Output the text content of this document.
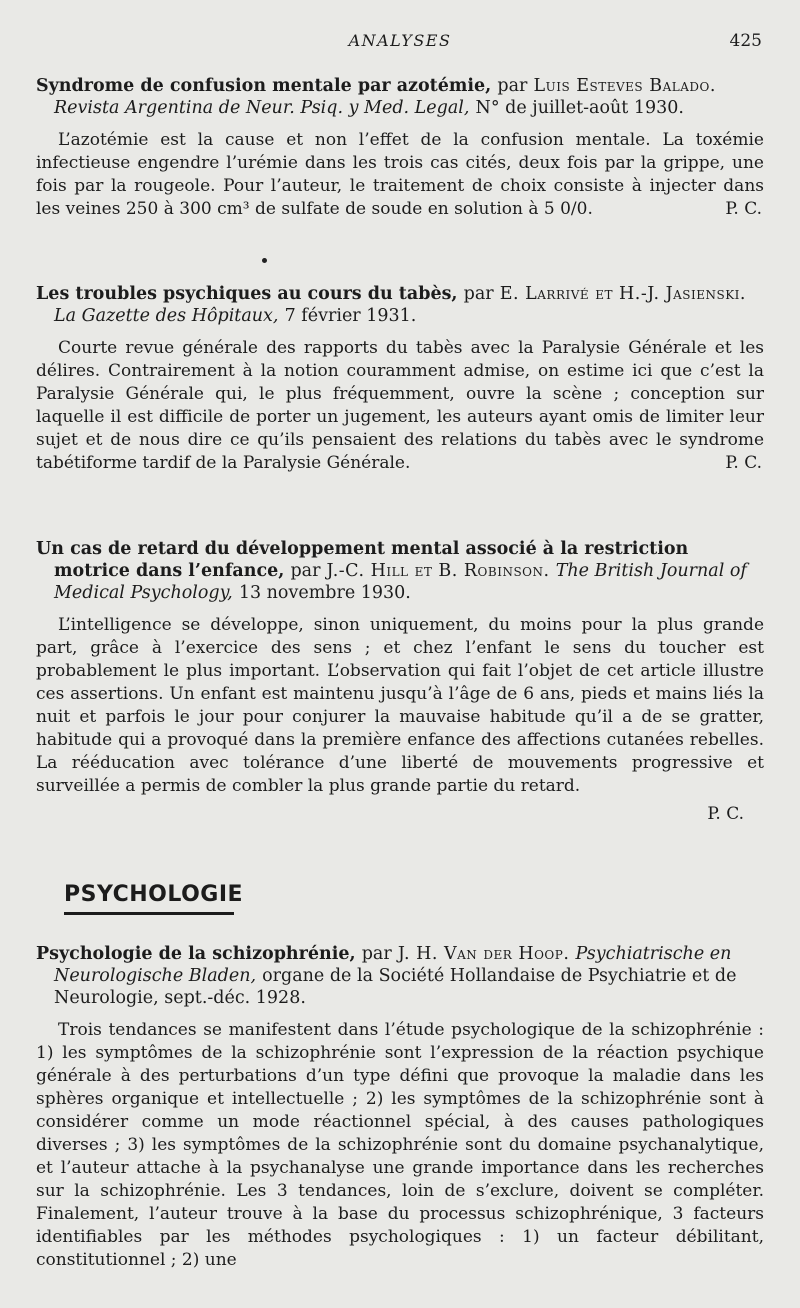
ANALYSES	425
Syndrome de confusion mentale par azotémie, par Luis Esteves Balado. Revista Argentina de Neur. Psiq. y Med. Legal, N° de juillet-août 1930.
L’azotémie est la cause et non l’effet de la confusion mentale. La toxémie infectieuse engendre l’urémie dans les trois cas cités, deux fois par la grippe, une fois par la rougeole. Pour l’auteur, le traitement de choix consiste à injecter dans les veines 250 à 300 cm³ de sulfate de soude en solution à 5 0/0.	P. C.
Les troubles psychiques au cours du tabès, par E. Larrivé et H.-J. Jasienski. La Gazette des Hôpitaux, 7 février 1931.
Courte revue générale des rapports du tabès avec la Paralysie Générale et les délires. Contrairement à la notion couramment admise, on estime ici que c’est la Paralysie Générale qui, le plus fréquemment, ouvre la scène ; conception sur laquelle il est difficile de porter un jugement, les auteurs ayant omis de limiter leur sujet et de nous dire ce qu’ils pensaient des relations du tabès avec le syndrome tabétiforme tardif de la Paralysie Générale.	P. C.
Un cas de retard du développement mental associé à la restriction motrice dans l’enfance, par J.-C. Hill et B. Robinson. The British Journal of Medical Psychology, 13 novembre 1930.
L’intelligence se développe, sinon uniquement, du moins pour la plus grande part, grâce à l’exercice des sens ; et chez l’enfant le sens du toucher est probablement le plus important. L’observation qui fait l’objet de cet article illustre ces assertions. Un enfant est maintenu jusqu’à l’âge de 6 ans, pieds et mains liés la nuit et parfois le jour pour conjurer la mauvaise habitude qu’il a de se gratter, habitude qui a provoqué dans la première enfance des affections cutanées rebelles. La rééducation avec tolérance d’une liberté de mouvements progressive et surveillée a permis de combler la plus grande partie du retard.
P. C.
PSYCHOLOGIE
Psychologie de la schizophrénie, par J. H. Van der Hoop. Psychiatrische en Neurologische Bladen, organe de la Société Hollandaise de Psychiatrie et de Neurologie, sept.-déc. 1928.
Trois tendances se manifestent dans l’étude psychologique de la schizophrénie : 1) les symptômes de la schizophrénie sont l’expression de la réaction psychique générale à des perturbations d’un type défini que provoque la maladie dans les sphères organique et intellectuelle ; 2) les symptômes de la schizophrénie sont à considérer comme un mode réactionnel spécial, à des causes pathologiques diverses ; 3) les symptômes de la schizophrénie sont du domaine psychanalytique, et l’auteur attache à la psychanalyse une grande importance dans les recherches sur la schizophrénie. Les 3 tendances, loin de s’exclure, doivent se compléter. Finalement, l’auteur trouve à la base du processus schizophrénique, 3 facteurs identifiables par les méthodes psychologiques : 1) un facteur débilitant, constitutionnel ; 2) une
